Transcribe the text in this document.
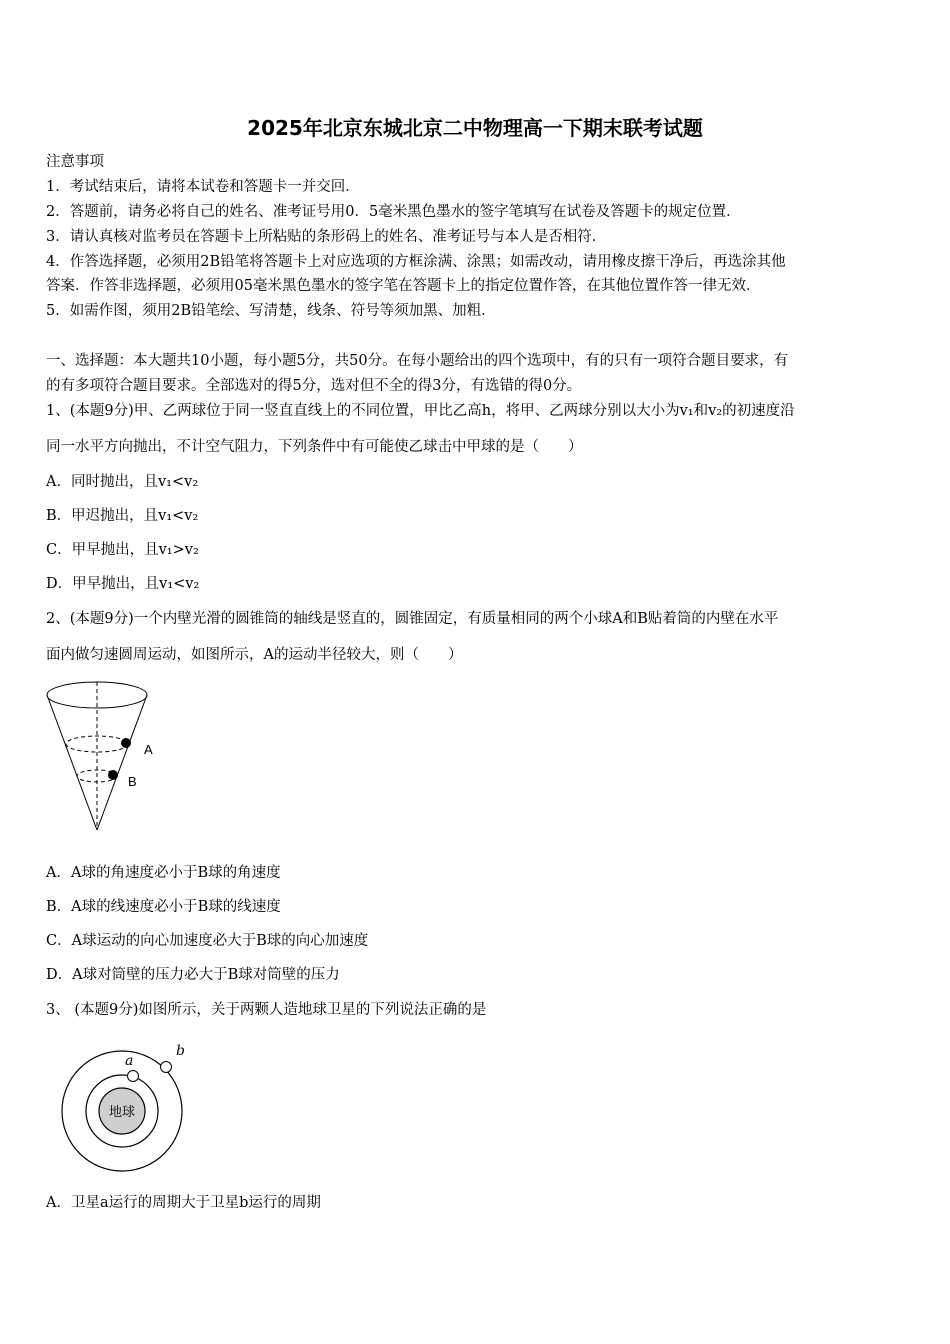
2025年北京东城北京二中物理高一下期末联考试题
注意事项
1．考试结束后，请将本试卷和答题卡一并交回．
2．答题前，请务必将自己的姓名、准考证号用0．5毫米黑色墨水的签字笔填写在试卷及答题卡的规定位置．
3．请认真核对监考员在答题卡上所粘贴的条形码上的姓名、准考证号与本人是否相符．
4．作答选择题，必须用2B铅笔将答题卡上对应选项的方框涂满、涂黑；如需改动，请用橡皮擦干净后，再选涂其他
答案．作答非选择题，必须用05毫米黑色墨水的签字笔在答题卡上的指定位置作答，在其他位置作答一律无效．
5．如需作图，须用2B铅笔绘、写清楚，线条、符号等须加黑、加粗．
一、选择题：本大题共10小题，每小题5分，共50分。在每小题给出的四个选项中，有的只有一项符合题目要求，有
的有多项符合题目要求。全部选对的得5分，选对但不全的得3分，有选错的得0分。
1、(本题9分)甲、乙两球位于同一竖直直线上的不同位置，甲比乙高h，将甲、乙两球分别以大小为v₁和v₂的初速度沿
同一水平方向抛出，不计空气阻力，下列条件中有可能使乙球击中甲球的是（　　）
A．同时抛出，且v₁<v₂
B．甲迟抛出，且v₁<v₂
C．甲早抛出，且v₁>v₂
D．甲早抛出，且v₁<v₂
2、(本题9分)一个内壁光滑的圆锥筒的轴线是竖直的，圆锥固定，有质量相同的两个小球A和B贴着筒的内壁在水平
面内做匀速圆周运动，如图所示，A的运动半径较大，则（　　）
A
B
A．A球的角速度必小于B球的角速度
B．A球的线速度必小于B球的线速度
C．A球运动的向心加速度必大于B球的向心加速度
D．A球对筒壁的压力必大于B球对筒壁的压力
3、 (本题9分)如图所示，关于两颗人造地球卫星的下列说法正确的是
地球
a
b
A．卫星a运行的周期大于卫星b运行的周期
